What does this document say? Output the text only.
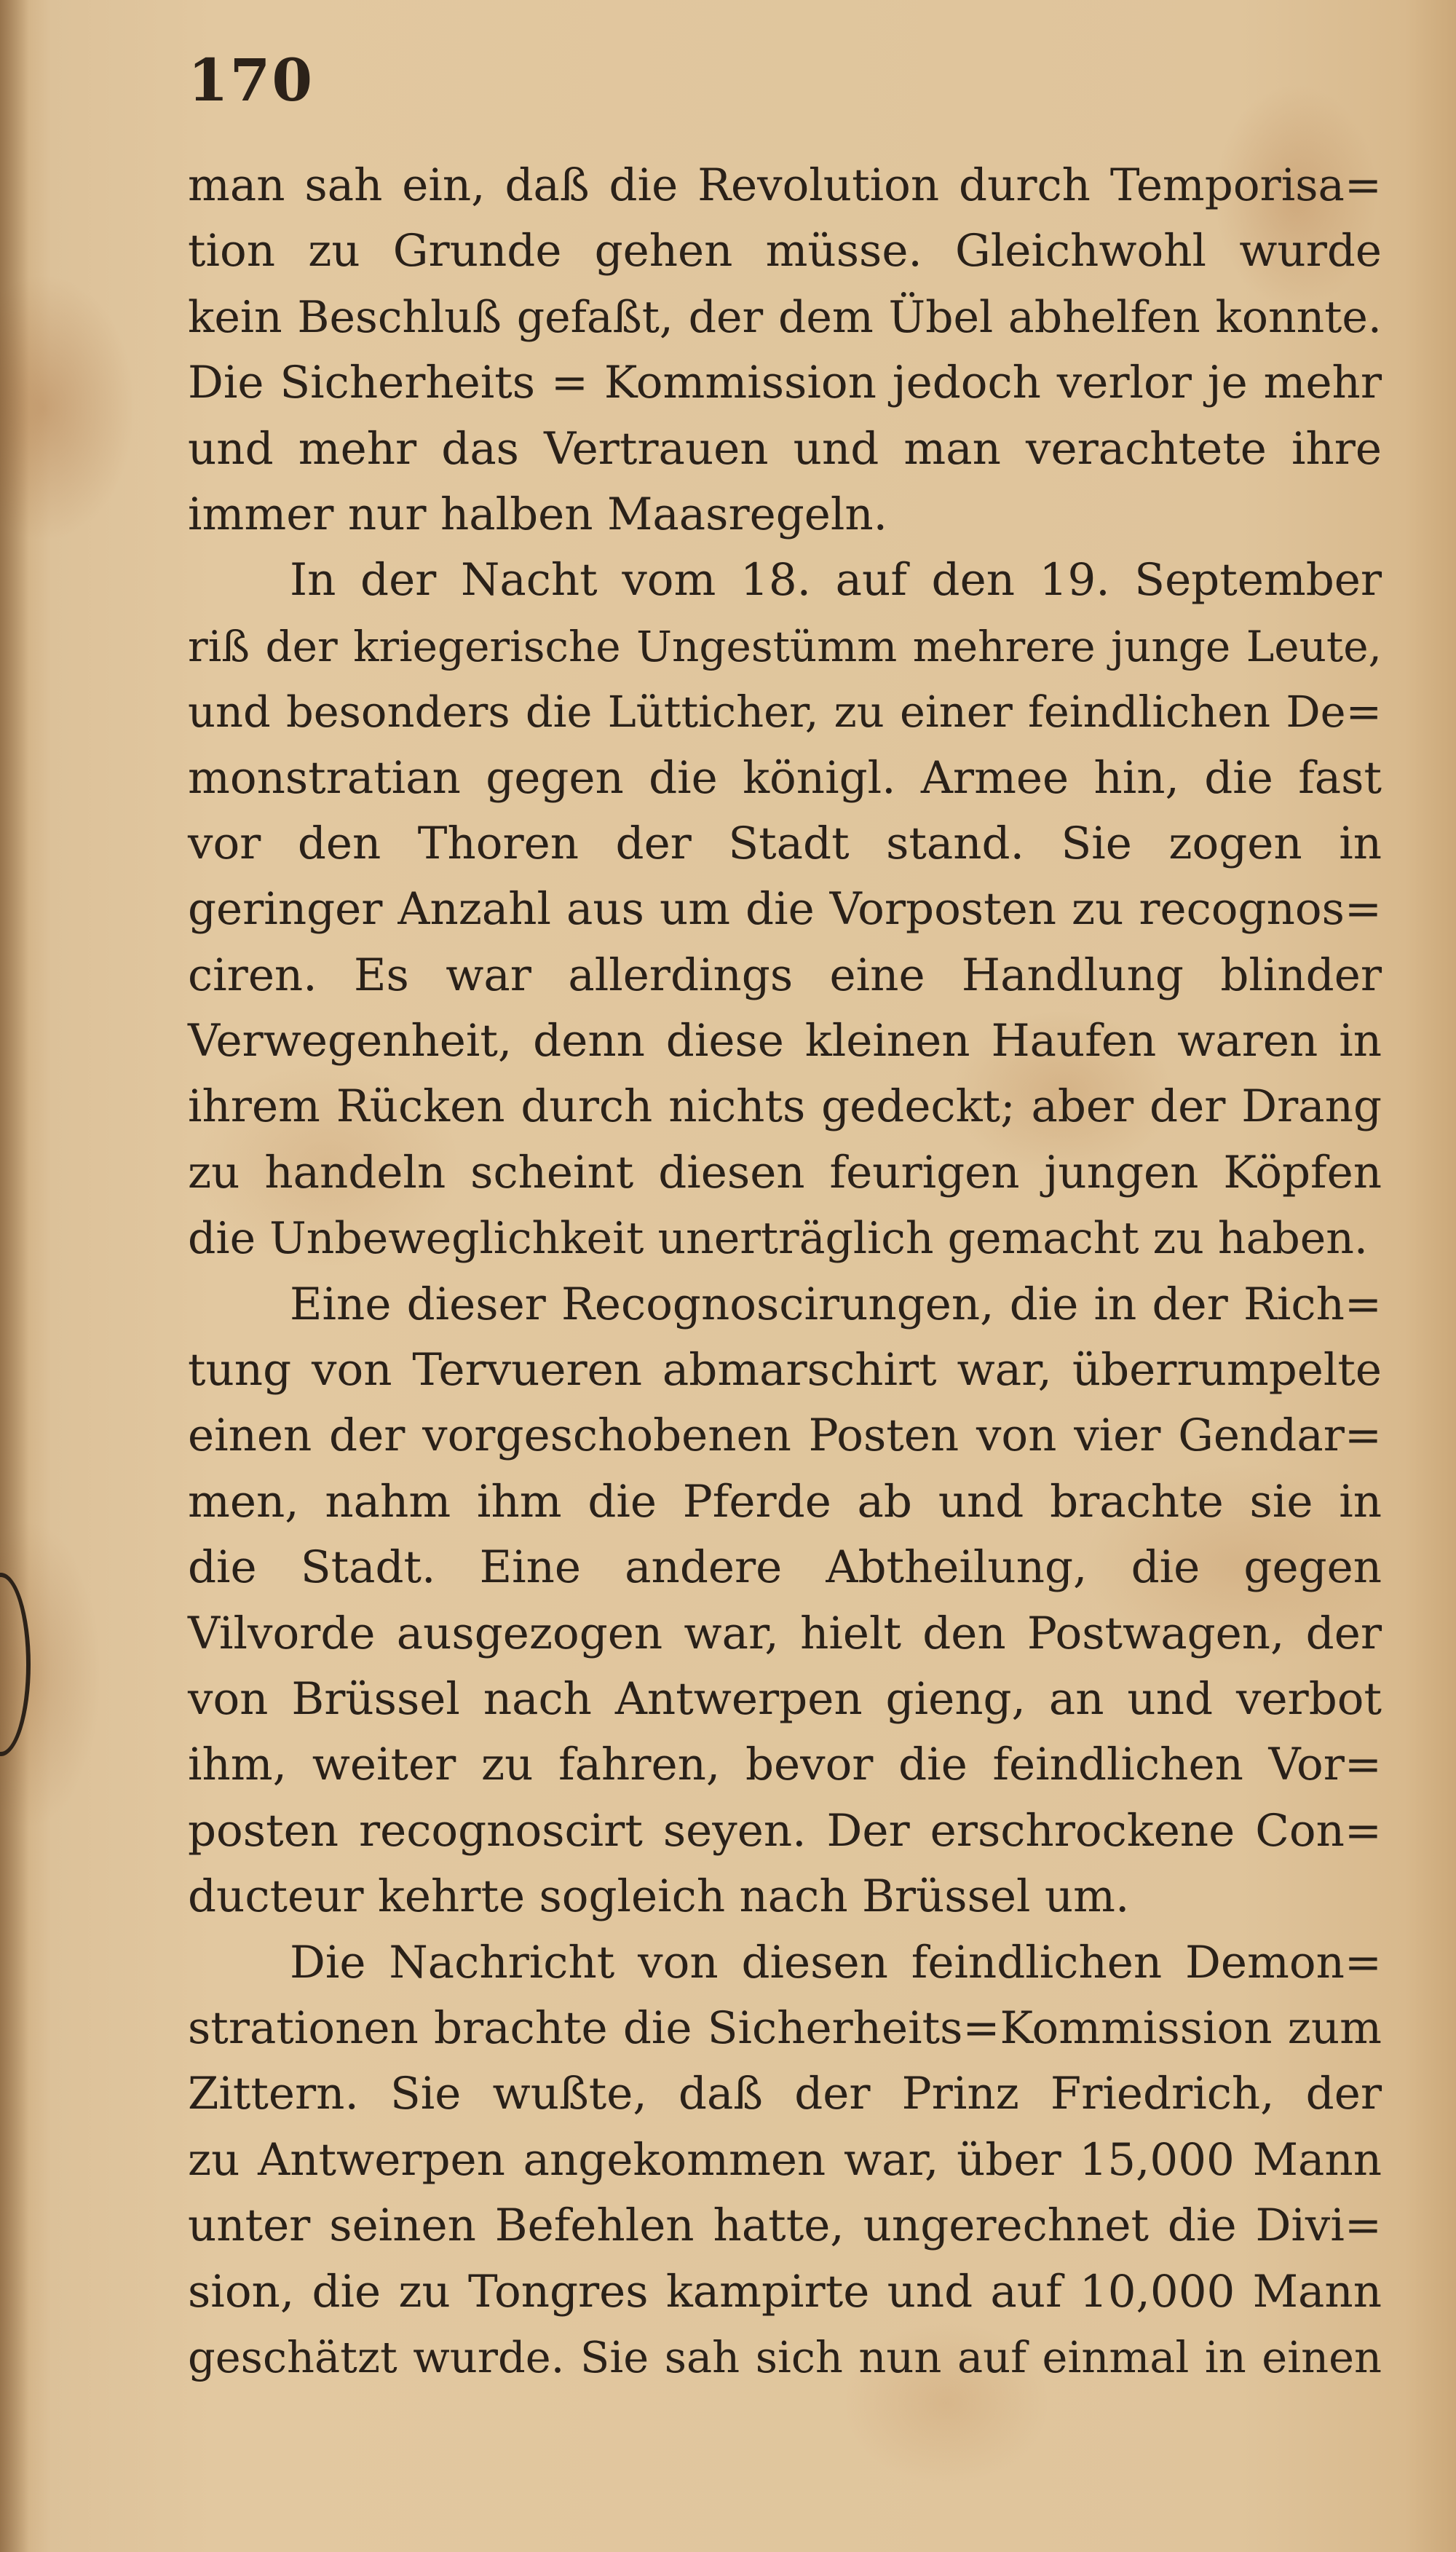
170
man sah ein, daß die Revolution durch Temporisa=
tion zu Grunde gehen müsse. Gleichwohl wurde
kein Beschluß gefaßt, der dem Übel abhelfen konnte.
Die Sicherheits = Kommission jedoch verlor je mehr
und mehr das Vertrauen und man verachtete ihre
immer nur halben Maasregeln.
In der Nacht vom 18. auf den 19. September
riß der kriegerische Ungestümm mehrere junge Leute,
und besonders die Lütticher, zu einer feindlichen De=
monstratian gegen die königl. Armee hin, die fast
vor den Thoren der Stadt stand. Sie zogen in
geringer Anzahl aus um die Vorposten zu recognos=
ciren. Es war allerdings eine Handlung blinder
Verwegenheit, denn diese kleinen Haufen waren in
ihrem Rücken durch nichts gedeckt; aber der Drang
zu handeln scheint diesen feurigen jungen Köpfen
die Unbeweglichkeit unerträglich gemacht zu haben.
Eine dieser Recognoscirungen, die in der Rich=
tung von Tervueren abmarschirt war, überrumpelte
einen der vorgeschobenen Posten von vier Gendar=
men, nahm ihm die Pferde ab und brachte sie in
die Stadt. Eine andere Abtheilung, die gegen
Vilvorde ausgezogen war, hielt den Postwagen, der
von Brüssel nach Antwerpen gieng, an und verbot
ihm, weiter zu fahren, bevor die feindlichen Vor=
posten recognoscirt seyen. Der erschrockene Con=
ducteur kehrte sogleich nach Brüssel um.
Die Nachricht von diesen feindlichen Demon=
strationen brachte die Sicherheits=Kommission zum
Zittern. Sie wußte, daß der Prinz Friedrich, der
zu Antwerpen angekommen war, über 15,000 Mann
unter seinen Befehlen hatte, ungerechnet die Divi=
sion, die zu Tongres kampirte und auf 10,000 Mann
geschätzt wurde. Sie sah sich nun auf einmal in einen
